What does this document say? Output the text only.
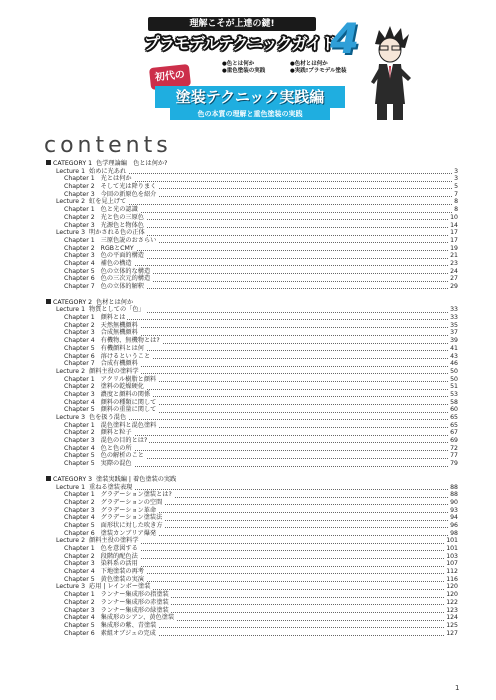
理解こそが上達の鍵!
プラモデルテクニックガイド
4
●色とは何か	●色材とは何か
●重色塗装の実践	●実践!プラモデル塗装
初代の
塗装テクニック実践編
色の本質の理解と重色塗装の実践
contents
CATEGORY 1 色学理論編　色とは何か?
Lecture 1 始めに光あれ	3
Chapter 1 光とは何か	3
Chapter 2 そして光は降りまく	5
Chapter 3 今回の新原色を紹介	7
Lecture 2 虹を見上げて	8
Chapter 1 色と光の認識	8
Chapter 2 光と色の三原色	10
Chapter 3 光源色と物体色	14
Lecture 3 明かされる色の正体	17
Chapter 1 三原色説のおさらい	17
Chapter 2 RGBとCMY	19
Chapter 3 色の平面的構造	21
Chapter 4 補色の構造	23
Chapter 5 色の立体的な構造	24
Chapter 6 色の三次元的構造	27
Chapter 7 色の立体的解釈	29
CATEGORY 2 色材とは何か
Lecture 1 物質としての「色」	33
Chapter 1 顔料とは	33
Chapter 2 天然無機顔料	35
Chapter 3 合成無機顔料	37
Chapter 4 有機物、無機物とは?	39
Chapter 5 有機顔料とは何	41
Chapter 6 溶けるということ	43
Chapter 7 合成有機顔料	46
Lecture 2 顔料主役の塗料学	50
Chapter 1 アクリル樹脂と顔料	50
Chapter 2 塗料の乾燥硬化	51
Chapter 3 濃度と顔料の関係	53
Chapter 4 顔料の種類に関して	58
Chapter 5 顔料の重量に関して	60
Lecture 3 色を扱う混色	65
Chapter 1 混色塗料と混色塗料	65
Chapter 2 顔料と粒子	67
Chapter 3 混色の目的とは?	69
Chapter 4 色と色の所	72
Chapter 5 色の解析のこと	77
Chapter 5 実際の混色	79
CATEGORY 3 塗装実践編 | 着色塗装の実践
Lecture 1 重ねる塗装表現	88
Chapter 1 グラデーション塗装とは?	88
Chapter 2 グラデーションの空間	90
Chapter 3 グラデーション革命	93
Chapter 4 グラデーション塗装法	94
Chapter 5 面形状に対した吹き方	96
Chapter 6 塗装カンブリア爆発	98
Lecture 2 顔料主役の塗料学	101
Chapter 1 色を意図する	101
Chapter 2 段階的配色法	103
Chapter 3 染料系の活用	107
Chapter 4 下地塗装の再考	112
Chapter 5 黄色塗装の実演	116
Lecture 3 応用 | レインボー塗装	120
Chapter 1 ランナー集成形の指塗装	120
Chapter 2 ランナー集成形の赤塗装	122
Chapter 3 ランナー集成形の緑塗装	123
Chapter 4 集成形のシアン、黄色塗装	124
Chapter 5 集成形の紫、青塗装	125
Chapter 6 素組オブジェの完成	127
1
